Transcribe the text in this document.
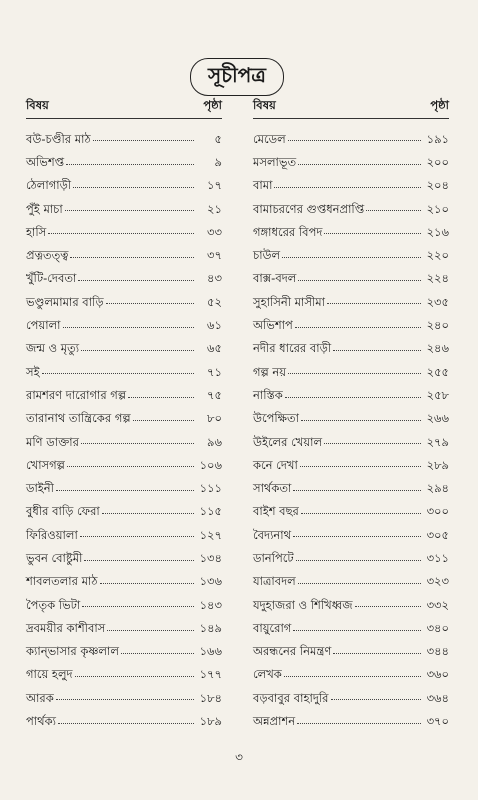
সূচীপত্র
বিষয়	পৃষ্ঠা
বউ-চণ্ডীর মাঠ	৫
অভিশপ্ত	৯
ঠেলাগাড়ী	১৭
পুঁই মাচা	২১
হাসি	৩৩
প্রত্নতত্ত্ব	৩৭
খুঁটি-দেবতা	৪৩
ভণ্ডুলমামার বাড়ি	৫২
পেয়ালা	৬১
জন্ম ও মৃত্যু	৬৫
সই	৭১
রামশরণ দারোগার গল্প	৭৫
তারানাথ তান্ত্রিকের গল্প	৮০
মণি ডাক্তার	৯৬
খোসগল্প	১০৬
ডাইনী	১১১
বুধীর বাড়ি ফেরা	১১৫
ফিরিওয়ালা	১২৭
ভুবন বোষ্টুমী	১৩৪
শাবলতলার মাঠ	১৩৬
পৈতৃক ভিটা	১৪৩
দ্রবময়ীর কাশীবাস	১৪৯
ক্যান্‌ভাসার কৃষ্ণলাল	১৬৬
গায়ে হলুদ	১৭৭
আরক	১৮৪
পার্থক্য	১৮৯
বিষয়	পৃষ্ঠা
মেডেল	১৯১
মসলাভূত	২০০
বামা	২০৪
বামাচরণের গুপ্তধনপ্রাপ্তি	২১০
গঙ্গাধরের বিপদ	২১৬
চাউল	২২০
বাক্স-বদল	২২৪
সুহাসিনী মাসীমা	২৩৫
অভিশাপ	২৪০
নদীর ধারের বাড়ী	২৪৬
গল্প নয়	২৫৫
নাস্তিক	২৫৮
উপেক্ষিতা	২৬৬
উইলের খেয়াল	২৭৯
কনে দেখা	২৮৯
সার্থকতা	২৯৪
বাইশ বছর	৩০০
বৈদ্যনাথ	৩০৫
ডানপিটে	৩১১
যাত্রাবদল	৩২৩
যদুহাজরা ও শিখিধ্বজ	৩৩২
বায়ুরোগ	৩৪০
অরন্ধনের নিমন্ত্রণ	৩৪৪
লেখক	৩৬০
বড়বাবুর বাহাদুরি	৩৬৪
অন্নপ্রাশন	৩৭০
৩
